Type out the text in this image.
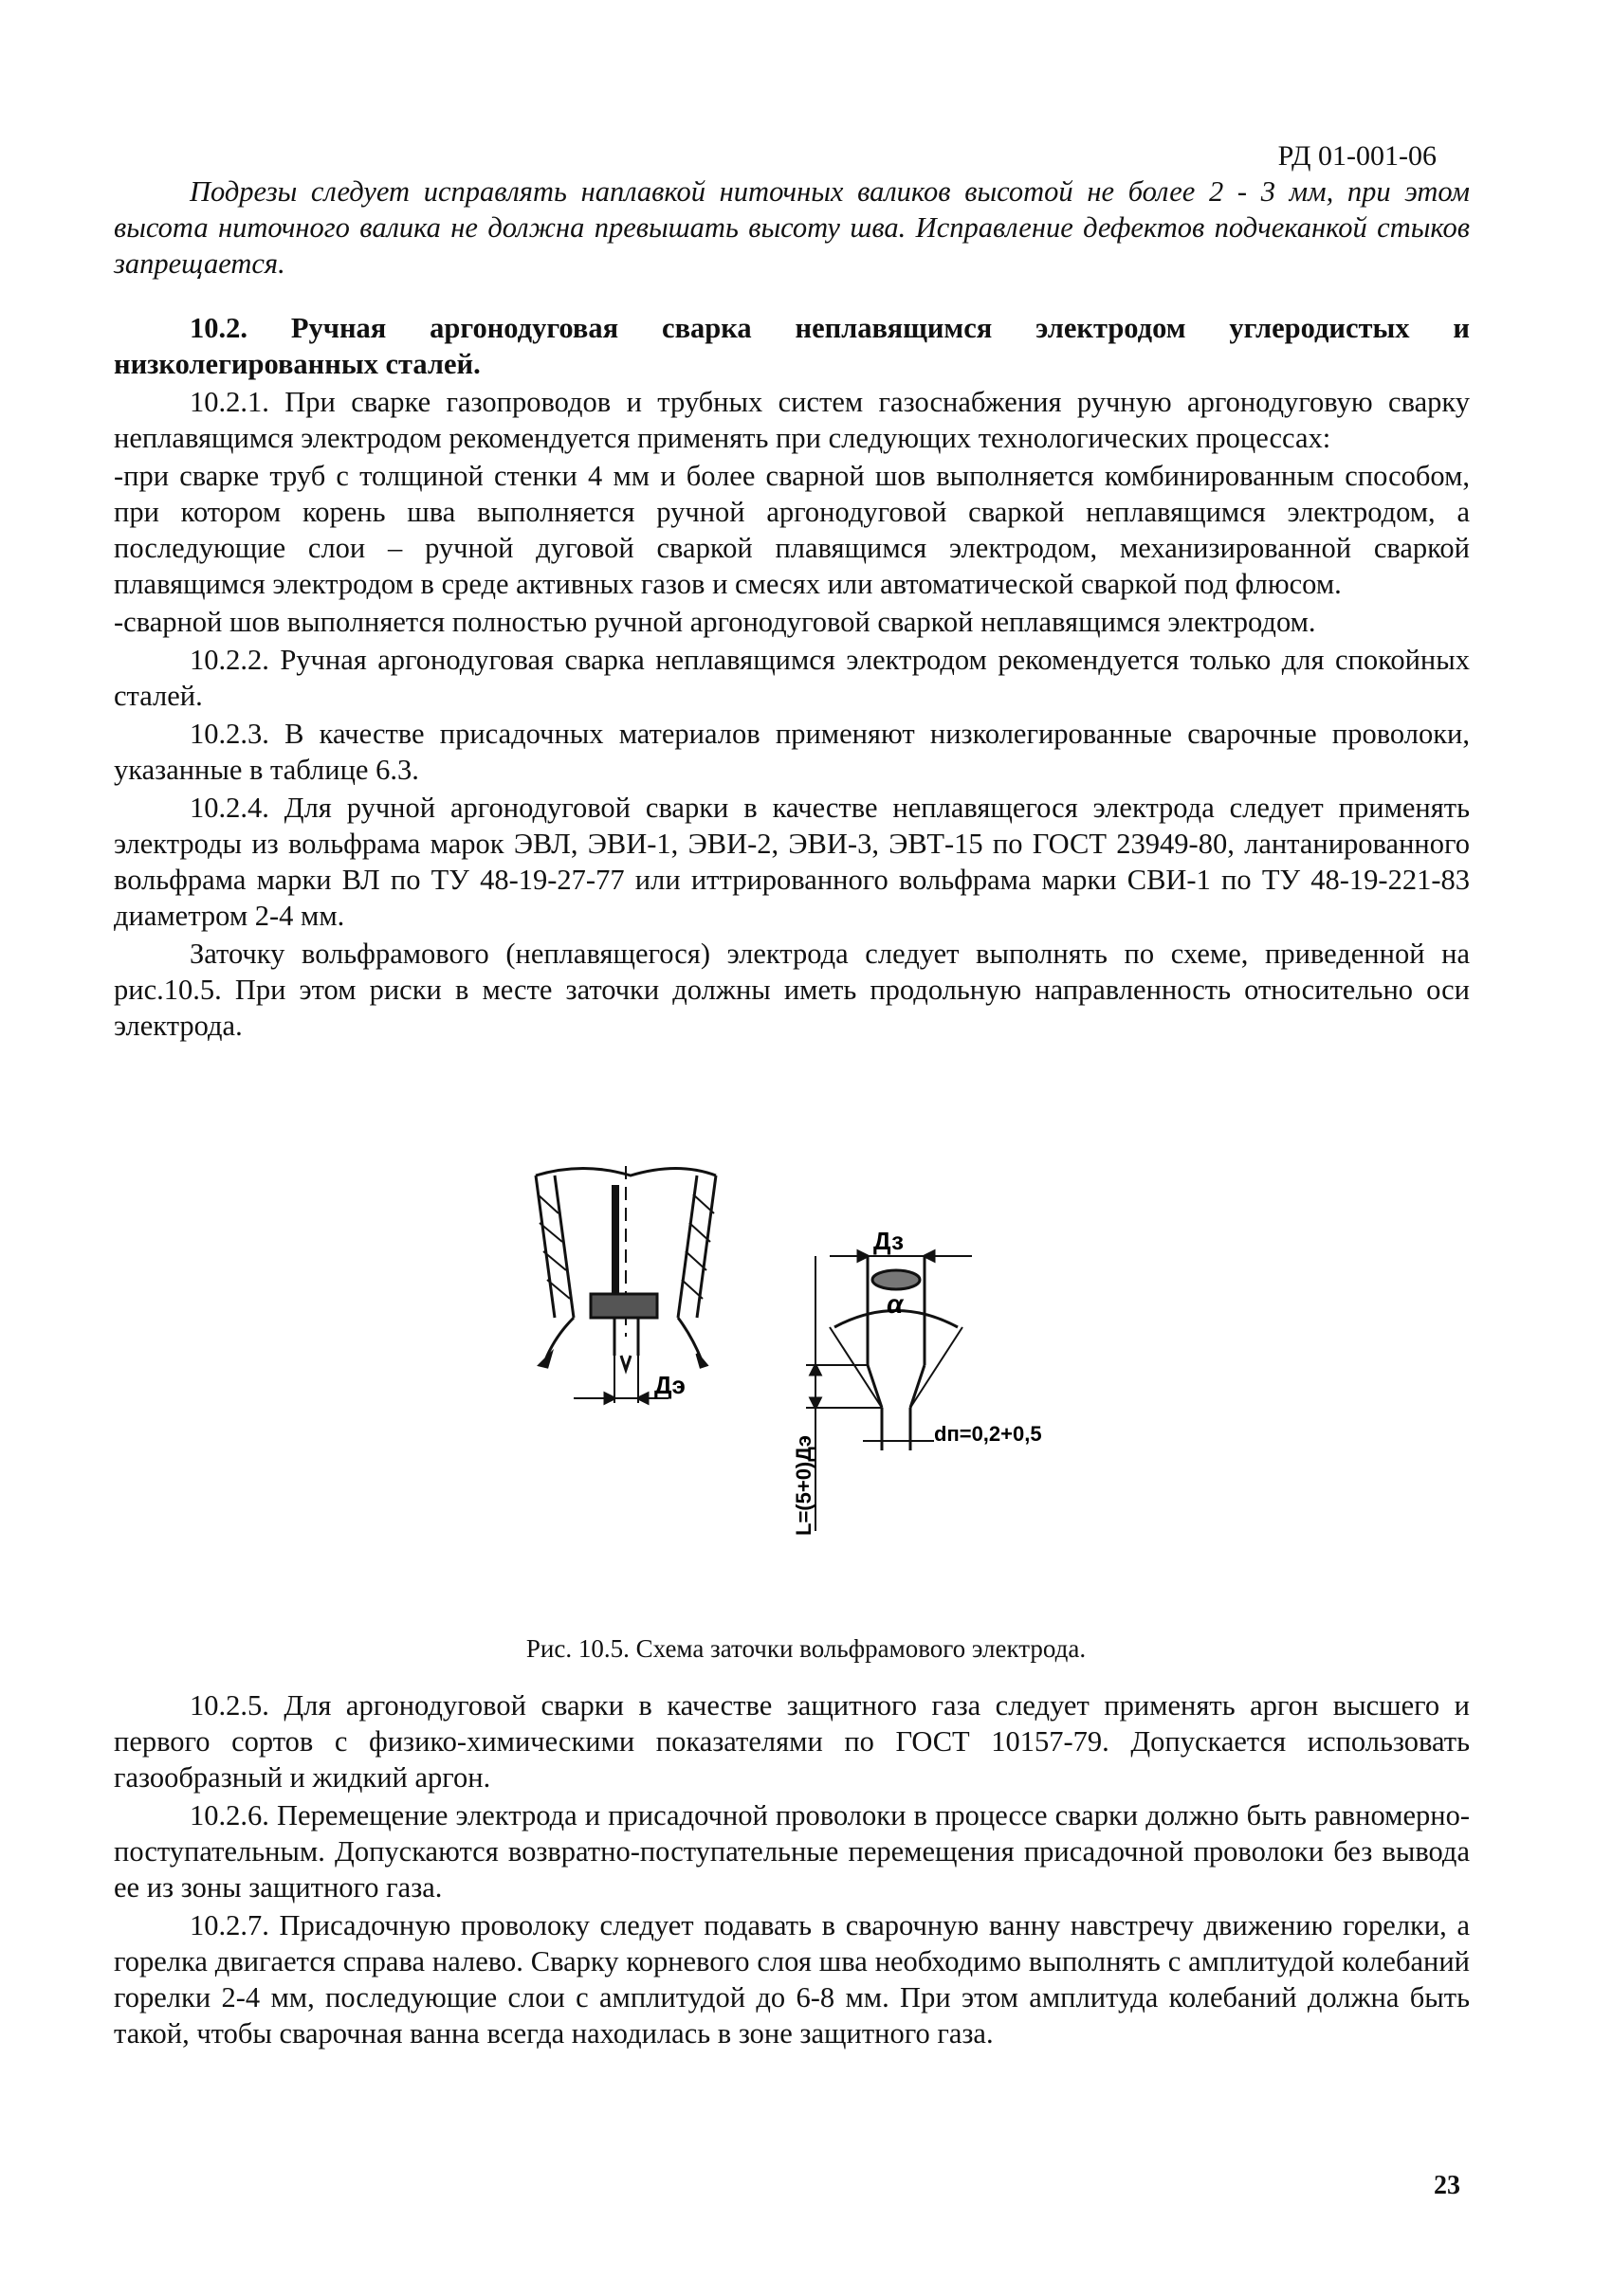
РД 01-001-06

Подрезы следует исправлять наплавкой ниточных валиков высотой не более 2 - 3 мм, при этом высота ниточного валика не должна превышать высоту шва. Исправление дефектов подчеканкой стыков запрещается.

10.2. Ручная аргонодуговая сварка неплавящимся электродом углеродистых и низколегированных сталей.

10.2.1. При сварке газопроводов и трубных систем газоснабжения ручную аргонодуговую сварку неплавящимся электродом рекомендуется применять при следующих технологических процессах:

-при сварке труб с толщиной стенки 4 мм и более сварной шов выполняется комбинированным способом, при котором корень шва выполняется ручной аргонодуговой сваркой неплавящимся электродом, а последующие слои – ручной дуговой сваркой плавящимся электродом, механизированной сваркой плавящимся электродом в среде активных газов и смесях или автоматической сваркой под флюсом.

-сварной шов выполняется полностью ручной аргонодуговой сваркой неплавящимся электродом.

10.2.2. Ручная аргонодуговая сварка неплавящимся электродом рекомендуется только для спокойных сталей.

10.2.3. В качестве присадочных материалов применяют низколегированные сварочные проволоки, указанные в таблице 6.3.

10.2.4. Для ручной аргонодуговой сварки в качестве неплавящегося электрода следует применять электроды из вольфрама марок ЭВЛ, ЭВИ-1, ЭВИ-2, ЭВИ-3, ЭВТ-15 по ГОСТ 23949-80, лантанированного вольфрама марки ВЛ по ТУ 48-19-27-77 или иттрированного вольфрама марки СВИ-1 по ТУ 48-19-221-83 диаметром 2-4 мм.

Заточку вольфрамового (неплавящегося) электрода следует выполнять по схеме, приведенной на рис.10.5. При этом риски в месте заточки должны иметь продольную направленность относительно оси электрода.

Дэ
Дз
α
dп=0,2+0,5
L=(5+0)Дэ
Рис. 10.5. Схема заточки вольфрамового электрода.

10.2.5. Для аргонодуговой сварки в качестве защитного газа следует применять аргон высшего и первого сортов с физико-химическими показателями по ГОСТ 10157-79. Допускается использовать газообразный и жидкий аргон.

10.2.6. Перемещение электрода и присадочной проволоки в процессе сварки должно быть равномерно-поступательным. Допускаются возвратно-поступательные перемещения присадочной проволоки без вывода ее из зоны защитного газа.

10.2.7. Присадочную проволоку следует подавать в сварочную ванну навстречу движению горелки, а горелка двигается справа налево. Сварку корневого слоя шва необходимо выполнять с амплитудой колебаний горелки 2-4 мм, последующие слои с амплитудой до 6-8 мм. При этом амплитуда колебаний должна быть такой, чтобы сварочная ванна всегда находилась в зоне защитного газа.

23
